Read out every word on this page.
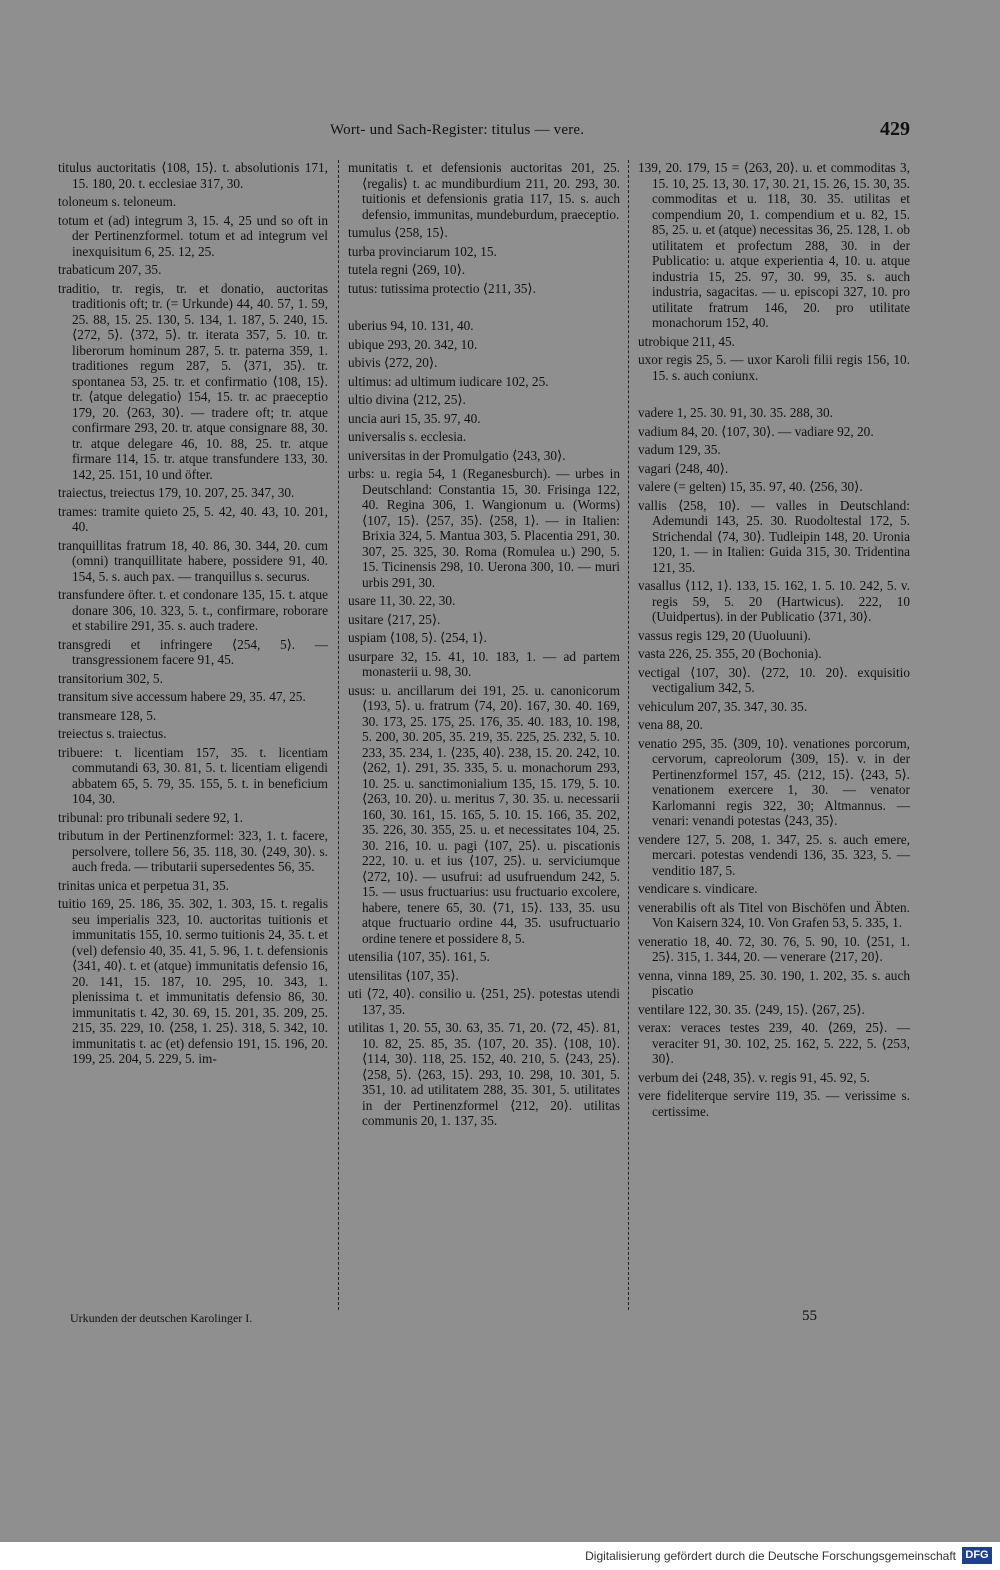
Wort- und Sach-Register: titulus — vere.	429

titulus auctoritatis ⟨108, 15⟩. t. absolutionis 171, 15. 180, 20. t. ecclesiae 317, 30.

toloneum s. teloneum.

totum et (ad) integrum 3, 15. 4, 25 und so oft in der Pertinenzformel. totum et ad integrum vel inexquisitum 6, 25. 12, 25.

trabaticum 207, 35.

traditio, tr. regis, tr. et donatio, auctoritas traditionis oft; tr. (= Urkunde) 44, 40. 57, 1. 59, 25. 88, 15. 25. 130, 5. 134, 1. 187, 5. 240, 15. ⟨272, 5⟩. ⟨372, 5⟩. tr. iterata 357, 5. 10. tr. liberorum hominum 287, 5. tr. paterna 359, 1. traditiones regum 287, 5. ⟨371, 35⟩. tr. spontanea 53, 25. tr. et confirmatio ⟨108, 15⟩. tr. ⟨atque delegatio⟩ 154, 15. tr. ac praeceptio 179, 20. ⟨263, 30⟩. — tradere oft; tr. atque confirmare 293, 20. tr. atque consignare 88, 30. tr. atque delegare 46, 10. 88, 25. tr. atque firmare 114, 15. tr. atque transfundere 133, 30. 142, 25. 151, 10 und öfter.

traiectus, treiectus 179, 10. 207, 25. 347, 30.

trames: tramite quieto 25, 5. 42, 40. 43, 10. 201, 40.

tranquillitas fratrum 18, 40. 86, 30. 344, 20. cum (omni) tranquillitate habere, possidere 91, 40. 154, 5. s. auch pax. — tranquillus s. securus.

transfundere öfter. t. et condonare 135, 15. t. atque donare 306, 10. 323, 5. t., confirmare, roborare et stabilire 291, 35. s. auch tradere.

transgredi et infringere ⟨254, 5⟩. — transgressionem facere 91, 45.

transitorium 302, 5.

transitum sive accessum habere 29, 35. 47, 25.

transmeare 128, 5.

treiectus s. traiectus.

tribuere: t. licentiam 157, 35. t. licentiam commutandi 63, 30. 81, 5. t. licentiam eligendi abbatem 65, 5. 79, 35. 155, 5. t. in beneficium 104, 30.

tribunal: pro tribunali sedere 92, 1.

tributum in der Pertinenzformel: 323, 1. t. facere, persolvere, tollere 56, 35. 118, 30. ⟨249, 30⟩. s. auch freda. — tributarii supersedentes 56, 35.

trinitas unica et perpetua 31, 35.

tuitio 169, 25. 186, 35. 302, 1. 303, 15. t. regalis seu imperialis 323, 10. auctoritas tuitionis et immunitatis 155, 10. sermo tuitionis 24, 35. t. et (vel) defensio 40, 35. 41, 5. 96, 1. t. defensionis ⟨341, 40⟩. t. et (atque) immunitatis defensio 16, 20. 141, 15. 187, 10. 295, 10. 343, 1. plenissima t. et immunitatis defensio 86, 30. immunitatis t. 42, 30. 69, 15. 201, 35. 209, 25. 215, 35. 229, 10. ⟨258, 1. 25⟩. 318, 5. 342, 10. immunitatis t. ac (et) defensio 191, 15. 196, 20. 199, 25. 204, 5. 229, 5. im-

munitatis t. et defensionis auctoritas 201, 25. ⟨regalis⟩ t. ac mundiburdium 211, 20. 293, 30. tuitionis et defensionis gratia 117, 15. s. auch defensio, immunitas, mundeburdum, praeceptio.

tumulus ⟨258, 15⟩.

turba provinciarum 102, 15.

tutela regni ⟨269, 10⟩.

tutus: tutissima protectio ⟨211, 35⟩.

uberius 94, 10. 131, 40.

ubique 293, 20. 342, 10.

ubivis ⟨272, 20⟩.

ultimus: ad ultimum iudicare 102, 25.

ultio divina ⟨212, 25⟩.

uncia auri 15, 35. 97, 40.

universalis s. ecclesia.

universitas in der Promulgatio ⟨243, 30⟩.

urbs: u. regia 54, 1 (Reganesburch). — urbes in Deutschland: Constantia 15, 30. Frisinga 122, 40. Regina 306, 1. Wangionum u. (Worms) ⟨107, 15⟩. ⟨257, 35⟩. ⟨258, 1⟩. — in Italien: Brixia 324, 5. Mantua 303, 5. Placentia 291, 30. 307, 25. 325, 30. Roma (Romulea u.) 290, 5. 15. Ticinensis 298, 10. Uerona 300, 10. — muri urbis 291, 30.

usare 11, 30. 22, 30.

usitare ⟨217, 25⟩.

uspiam ⟨108, 5⟩. ⟨254, 1⟩.

usurpare 32, 15. 41, 10. 183, 1. — ad partem monasterii u. 98, 30.

usus: u. ancillarum dei 191, 25. u. canonicorum ⟨193, 5⟩. u. fratrum ⟨74, 20⟩. 167, 30. 40. 169, 30. 173, 25. 175, 25. 176, 35. 40. 183, 10. 198, 5. 200, 30. 205, 35. 219, 35. 225, 25. 232, 5. 10. 233, 35. 234, 1. ⟨235, 40⟩. 238, 15. 20. 242, 10. ⟨262, 1⟩. 291, 35. 335, 5. u. monachorum 293, 10. 25. u. sanctimonialium 135, 15. 179, 5. 10. ⟨263, 10. 20⟩. u. meritus 7, 30. 35. u. necessarii 160, 30. 161, 15. 165, 5. 10. 15. 166, 35. 202, 35. 226, 30. 355, 25. u. et necessitates 104, 25. 30. 216, 10. u. pagi ⟨107, 25⟩. u. piscationis 222, 10. u. et ius ⟨107, 25⟩. u. serviciumque ⟨272, 10⟩. — usufrui: ad usufruendum 242, 5. 15. — usus fructuarius: usu fructuario excolere, habere, tenere 65, 30. ⟨71, 15⟩. 133, 35. usu atque fructuario ordine 44, 35. usufructuario ordine tenere et possidere 8, 5.

utensilia ⟨107, 35⟩. 161, 5.

utensilitas ⟨107, 35⟩.

uti ⟨72, 40⟩. consilio u. ⟨251, 25⟩. potestas utendi 137, 35.

utilitas 1, 20. 55, 30. 63, 35. 71, 20. ⟨72, 45⟩. 81, 10. 82, 25. 85, 35. ⟨107, 20. 35⟩. ⟨108, 10⟩. ⟨114, 30⟩. 118, 25. 152, 40. 210, 5. ⟨243, 25⟩. ⟨258, 5⟩. ⟨263, 15⟩. 293, 10. 298, 10. 301, 5. 351, 10. ad utilitatem 288, 35. 301, 5. utilitates in der Pertinenzformel ⟨212, 20⟩. utilitas communis 20, 1. 137, 35.

139, 20. 179, 15 = ⟨263, 20⟩. u. et commoditas 3, 15. 10, 25. 13, 30. 17, 30. 21, 15. 26, 15. 30, 35. commoditas et u. 118, 30. 35. utilitas et compendium 20, 1. compendium et u. 82, 15. 85, 25. u. et (atque) necessitas 36, 25. 128, 1. ob utilitatem et profectum 288, 30. in der Publicatio: u. atque experientia 4, 10. u. atque industria 15, 25. 97, 30. 99, 35. s. auch industria, sagacitas. — u. episcopi 327, 10. pro utilitate fratrum 146, 20. pro utilitate monachorum 152, 40.

utrobique 211, 45.

uxor regis 25, 5. — uxor Karoli filii regis 156, 10. 15. s. auch coniunx.

vadere 1, 25. 30. 91, 30. 35. 288, 30.

vadium 84, 20. ⟨107, 30⟩. — vadiare 92, 20.

vadum 129, 35.

vagari ⟨248, 40⟩.

valere (= gelten) 15, 35. 97, 40. ⟨256, 30⟩.

vallis ⟨258, 10⟩. — valles in Deutschland: Ademundi 143, 25. 30. Ruodoltestal 172, 5. Strichendal ⟨74, 30⟩. Tudleipin 148, 20. Uronia 120, 1. — in Italien: Guida 315, 30. Tridentina 121, 35.

vasallus ⟨112, 1⟩. 133, 15. 162, 1. 5. 10. 242, 5. v. regis 59, 5. 20 (Hartwicus). 222, 10 (Uuidpertus). in der Publicatio ⟨371, 30⟩.

vassus regis 129, 20 (Uuoluuni).

vasta 226, 25. 355, 20 (Bochonia).

vectigal ⟨107, 30⟩. ⟨272, 10. 20⟩. exquisitio vectigalium 342, 5.

vehiculum 207, 35. 347, 30. 35.

vena 88, 20.

venatio 295, 35. ⟨309, 10⟩. venationes porcorum, cervorum, capreolorum ⟨309, 15⟩. v. in der Pertinenzformel 157, 45. ⟨212, 15⟩. ⟨243, 5⟩. venationem exercere 1, 30. — venator Karlomanni regis 322, 30; Altmannus. — venari: venandi potestas ⟨243, 35⟩.

vendere 127, 5. 208, 1. 347, 25. s. auch emere, mercari. potestas vendendi 136, 35. 323, 5. — venditio 187, 5.

vendicare s. vindicare.

venerabilis oft als Titel von Bischöfen und Äbten. Von Kaisern 324, 10. Von Grafen 53, 5. 335, 1.

veneratio 18, 40. 72, 30. 76, 5. 90, 10. ⟨251, 1. 25⟩. 315, 1. 344, 20. — venerare ⟨217, 20⟩.

venna, vinna 189, 25. 30. 190, 1. 202, 35. s. auch piscatio

ventilare 122, 30. 35. ⟨249, 15⟩. ⟨267, 25⟩.

verax: veraces testes 239, 40. ⟨269, 25⟩. — veraciter 91, 30. 102, 25. 162, 5. 222, 5. ⟨253, 30⟩.

verbum dei ⟨248, 35⟩. v. regis 91, 45. 92, 5.

vere fideliterque servire 119, 35. — verissime s. certissime.

Urkunden der deutschen Karolinger I.	55
Digitalisierung gefördert durch die Deutsche Forschungsgemeinschaft DFG
